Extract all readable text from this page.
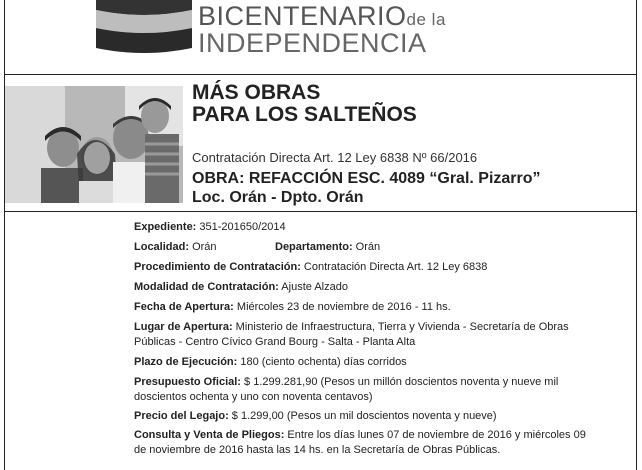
BICENTENARIOde la
INDEPENDENCIA
MÁS OBRAS
PARA LOS SALTEÑOS
Contratación Directa Art. 12 Ley 6838 Nº 66/2016
OBRA: REFACCIÓN ESC. 4089 “Gral. Pizarro”
Loc. Orán - Dpto. Orán
Expediente: 351-201650/2014
Localidad: Orán	Departamento: Orán
Procedimiento de Contratación: Contratación Directa Art. 12 Ley 6838
Modalidad de Contratación: Ajuste Alzado
Fecha de Apertura: Miércoles 23 de noviembre de 2016 - 11 hs.
Lugar de Apertura: Ministerio de Infraestructura, Tierra y Vivienda - Secretaría de Obras
Públicas - Centro Cívico Grand Bourg - Salta - Planta Alta
Plazo de Ejecución: 180 (ciento ochenta) días corridos
Presupuesto Oficial: $ 1.299.281,90 (Pesos un millón doscientos noventa y nueve mil
doscientos ochenta y uno con noventa centavos)
Precio del Legajo: $ 1.299,00 (Pesos un mil doscientos noventa y nueve)
Consulta y Venta de Pliegos: Entre los días lunes 07 de noviembre de 2016 y miércoles 09
de noviembre de 2016 hasta las 14 hs. en la Secretaría de Obras Públicas.
